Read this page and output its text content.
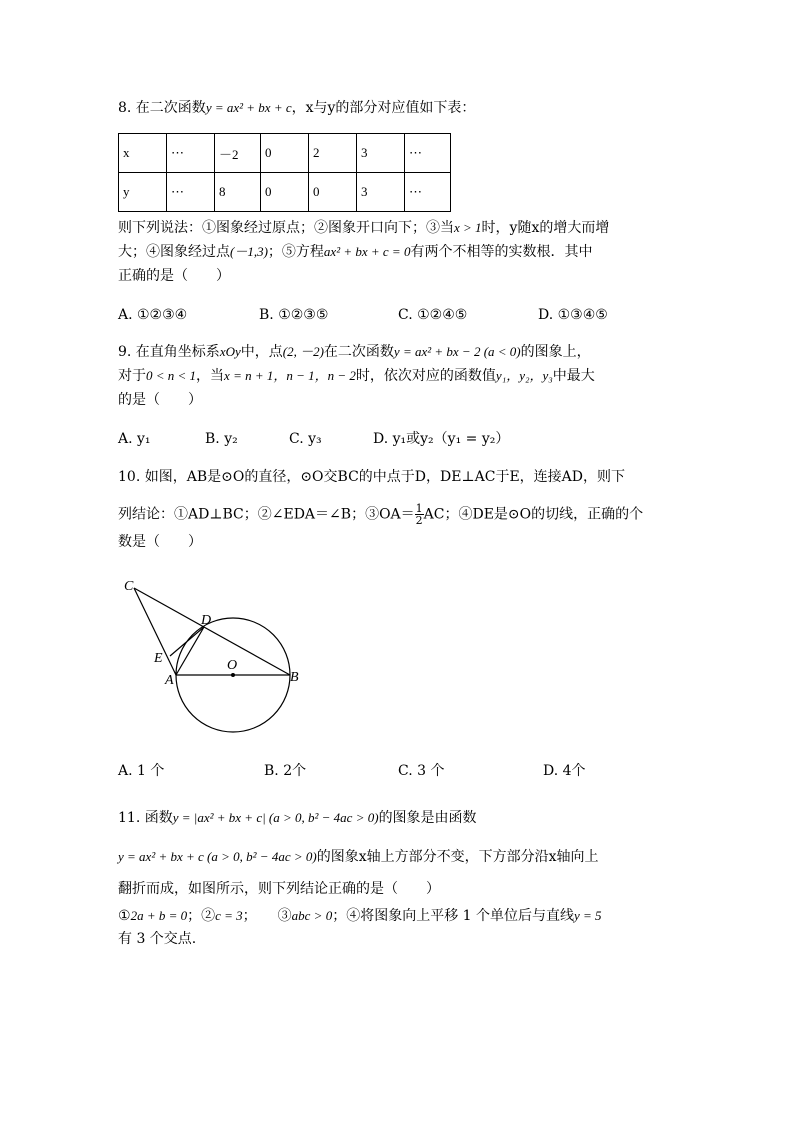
8. 在二次函数y = ax² + bx + c，x与y的部分对应值如下表：
x	⋯	－2	0	2	3	⋯
y	⋯	8	0	0	3	⋯
则下列说法：①图象经过原点；②图象开口向下；③当x > 1时，y随x的增大而增
大；④图象经过点(－1,3)；⑤方程ax² + bx + c = 0有两个不相等的实数根．其中
正确的是（　　）
A. ①②③④	B. ①②③⑤	C. ①②④⑤	D. ①③④⑤
9. 在直角坐标系xOy中，点(2, －2)在二次函数y = ax² + bx − 2 (a < 0)的图象上，
对于0 < n < 1，当x = n + 1，n − 1，n − 2时，依次对应的函数值y₁，y₂，y₃中最大
的是（　　）
A. y₁	B. y₂	C. y₃	D. y₁或y₂（y₁ = y₂）
10. 如图，AB是⊙O的直径，⊙O交BC的中点于D，DE⊥AC于E，连接AD，则下
列结论：①AD⊥BC；②∠EDA＝∠B；③OA＝ $\frac{1}{2}$ AC；④DE是⊙O的切线，正确的个
数是（　　）
C
D
E
A
O
B
A. 1 个	B. 2个	C. 3 个	D. 4个
11. 函数y = |ax² + bx + c| (a > 0, b² − 4ac > 0)的图象是由函数
y = ax² + bx + c (a > 0, b² − 4ac > 0)的图象x轴上方部分不变，下方部分沿x轴向上
翻折而成，如图所示，则下列结论正确的是（　　）
①2a + b = 0；②c = 3；　　③abc > 0；④将图象向上平移 1 个单位后与直线y = 5
有 3 个交点.
